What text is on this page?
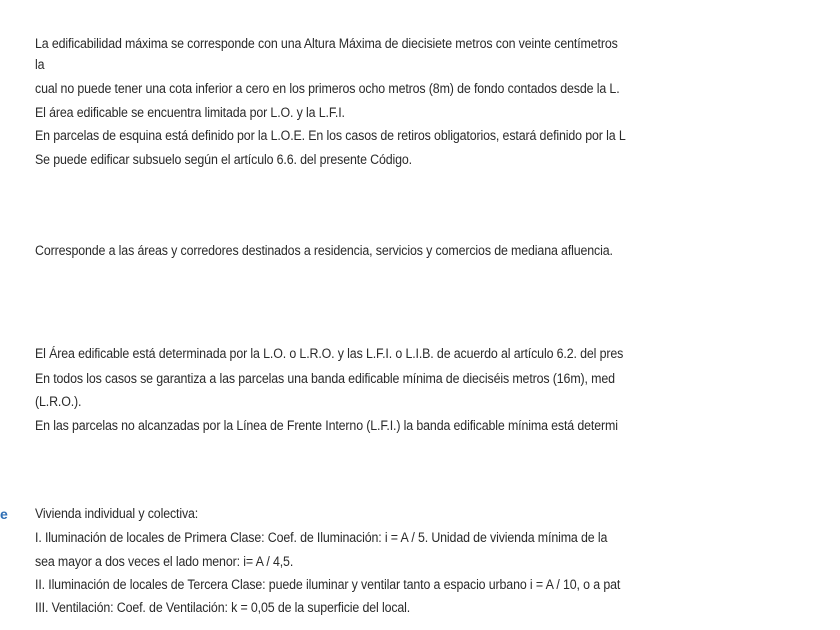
La edificabilidad máxima se corresponde con una Altura Máxima de diecisiete metros con veinte centímetros
la
cual no puede tener una cota inferior a cero en los primeros ocho metros (8m) de fondo contados desde la L.
El área edificable se encuentra limitada por L.O. y la L.F.I.
En parcelas de esquina está definido por la L.O.E. En los casos de retiros obligatorios, estará definido por la L
Se puede edificar subsuelo según el artículo 6.6. del presente Código.
Corresponde a las áreas y corredores destinados a residencia, servicios y comercios de mediana afluencia.
El Área edificable está determinada por la L.O. o L.R.O. y las L.F.I. o L.I.B. de acuerdo al artículo 6.2. del pres
En todos los casos se garantiza a las parcelas una banda edificable mínima de dieciséis metros (16m), med
(L.R.O.).
En las parcelas no alcanzadas por la Línea de Frente Interno (L.F.I.) la banda edificable mínima está determi
e Vivienda individual y colectiva:
I. Iluminación de locales de Primera Clase: Coef. de Iluminación: i = A / 5. Unidad de vivienda mínima de la
sea mayor a dos veces el lado menor: i= A / 4,5.
II. Iluminación de locales de Tercera Clase: puede iluminar y ventilar tanto a espacio urbano i = A / 10, o a pat
III. Ventilación: Coef. de Ventilación: k = 0,05 de la superficie del local.
